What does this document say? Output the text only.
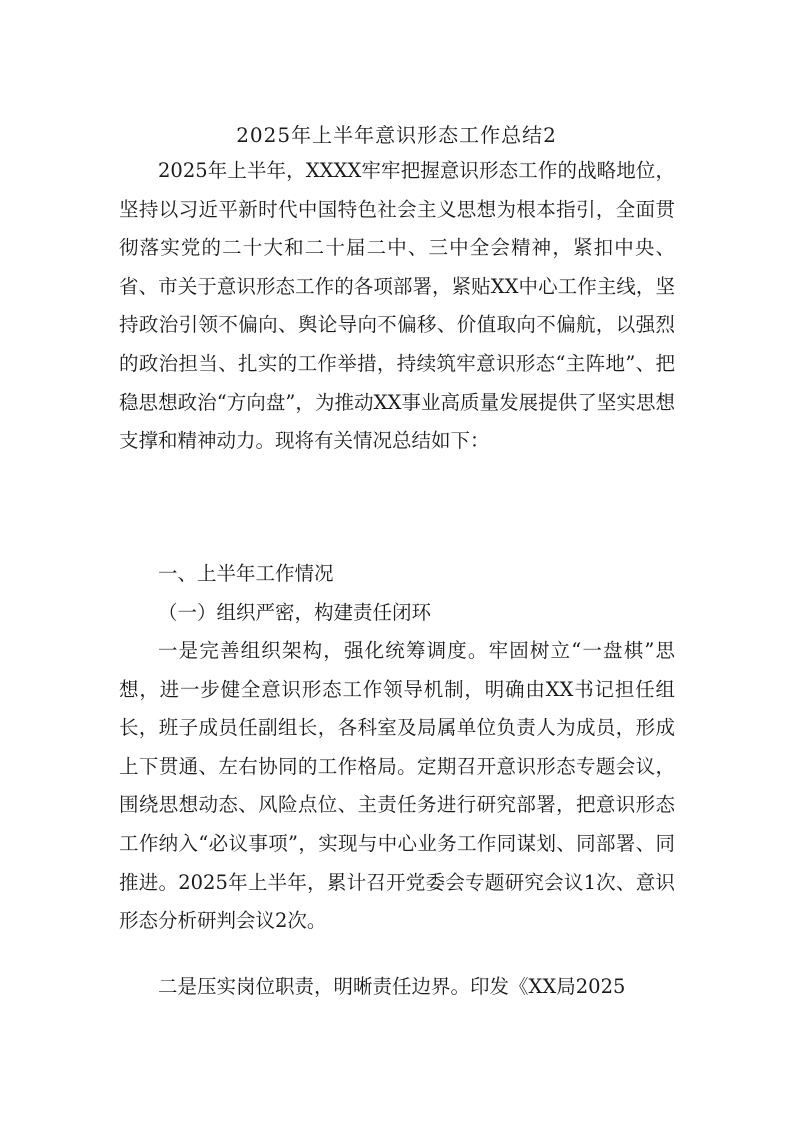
2025年上半年意识形态工作总结2
2025年上半年，XXXX牢牢把握意识形态工作的战略地位，坚持以习近平新时代中国特色社会主义思想为根本指引，全面贯彻落实党的二十大和二十届二中、三中全会精神，紧扣中央、省、市关于意识形态工作的各项部署，紧贴XX中心工作主线，坚持政治引领不偏向、舆论导向不偏移、价值取向不偏航，以强烈的政治担当、扎实的工作举措，持续筑牢意识形态“主阵地”、把稳思想政治“方向盘”，为推动XX事业高质量发展提供了坚实思想支撑和精神动力。现将有关情况总结如下：
一、上半年工作情况
（一）组织严密，构建责任闭环
一是完善组织架构，强化统筹调度。牢固树立“一盘棋”思想，进一步健全意识形态工作领导机制，明确由XX书记担任组长，班子成员任副组长，各科室及局属单位负责人为成员，形成上下贯通、左右协同的工作格局。定期召开意识形态专题会议，围绕思想动态、风险点位、主责任务进行研究部署，把意识形态工作纳入“必议事项”，实现与中心业务工作同谋划、同部署、同推进。2025年上半年，累计召开党委会专题研究会议1次、意识形态分析研判会议2次。
二是压实岗位职责，明晰责任边界。印发《XX局2025
